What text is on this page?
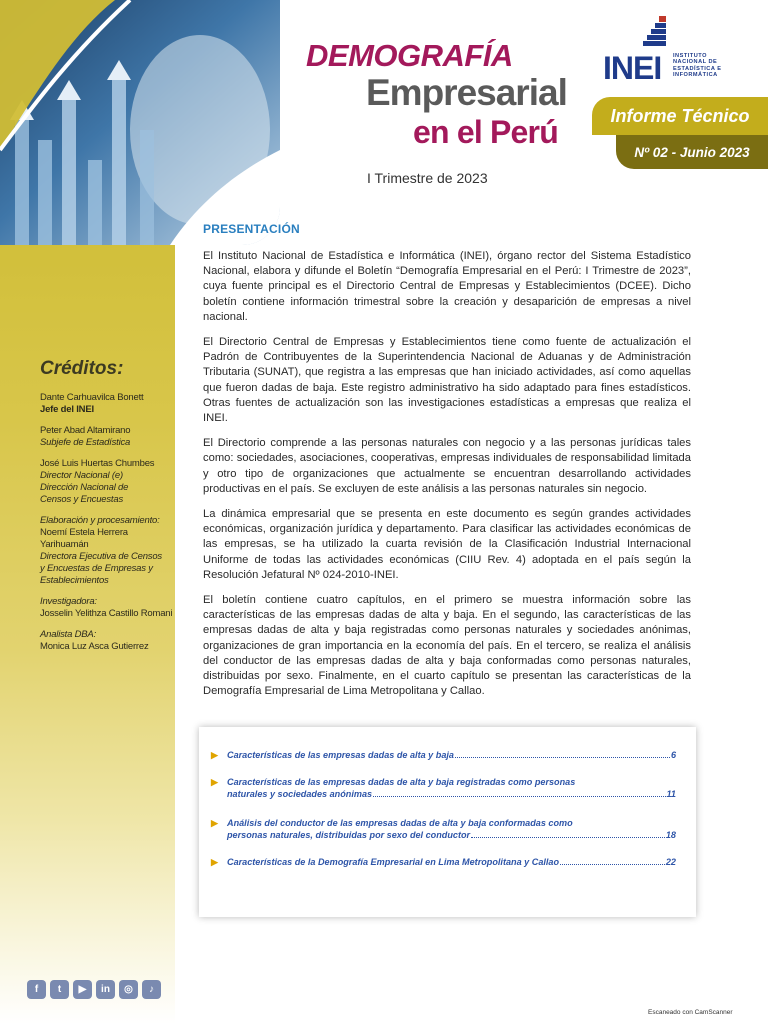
Créditos:
Dante Carhuavilca Bonett
Jefe del INEI
Peter Abad Altamirano
Subjefe de Estadística
José Luis Huertas Chumbes
Director Nacional (e)
Dirección Nacional de
Censos y Encuestas
Elaboración y procesamiento:
Noemí Estela Herrera
Yarihuamán
Directora Ejecutiva de Censos
y Encuestas de Empresas y
Establecimientos
Investigadora:
Josselin Yelithza Castillo Romani
Analista DBA:
Monica Luz Asca Gutierrez
f	t	▶	in	◎	♪
DEMOGRAFÍA
Empresarial
en el Perú
I Trimestre de 2023
INEI INSTITUTO
NACIONAL DE
ESTADÍSTICA E
INFORMÁTICA
Informe Técnico
Nº 02 - Junio 2023
PRESENTACIÓN

El Instituto Nacional de Estadística e Informática (INEI), órgano rector del Sistema Estadístico Nacional, elabora y difunde el Boletín “Demografía Empresarial en el Perú: I Trimestre de 2023”, cuya fuente principal es el Directorio Central de Empresas y Establecimientos (DCEE). Dicho boletín contiene información trimestral sobre la creación y desaparición de empresas a nivel nacional.

El Directorio Central de Empresas y Establecimientos tiene como fuente de actualización el Padrón de Contribuyentes de la Superintendencia Nacional de Aduanas y de Administración Tributaria (SUNAT), que registra a las empresas que han iniciado actividades, así como aquellas que fueron dadas de baja. Este registro administrativo ha sido adaptado para fines estadísticos. Otras fuentes de actualización son las investigaciones estadísticas a empresas que realiza el INEI.

El Directorio comprende a las personas naturales con negocio y a las personas jurídicas tales como: sociedades, asociaciones, cooperativas, empresas individuales de responsabilidad limitada y otro tipo de organizaciones que actualmente se encuentran desarrollando actividades productivas en el país. Se excluyen de este análisis a las personas naturales sin negocio.

La dinámica empresarial que se presenta en este documento es según grandes actividades económicas, organización jurídica y departamento. Para clasificar las actividades económicas de las empresas, se ha utilizado la cuarta revisión de la Clasificación Industrial Internacional Uniforme de todas las actividades económicas (CIIU Rev. 4) adoptada en el país según la Resolución Jefatural Nº 024-2010-INEI.

El boletín contiene cuatro capítulos, en el primero se muestra información sobre las características de las empresas dadas de alta y baja. En el segundo, las características de las empresas dadas de alta y baja registradas como personas naturales y sociedades anónimas, organizaciones de gran importancia en la economía del país. En el tercero, se realiza el análisis del conductor de las empresas dadas de alta y baja conformadas como personas naturales, distribuidas por sexo. Finalmente, en el cuarto capítulo se presentan las características de la Demografía Empresarial de Lima Metropolitana y Callao.

▶ Características de las empresas dadas de alta y baja	6
▶ Características de las empresas dadas de alta y baja registradas como personas
naturales y sociedades anónimas	11
▶ Análisis del conductor de las empresas dadas de alta y baja conformadas como
personas naturales, distribuidas por sexo del conductor	18
▶ Características de la Demografía Empresarial en Lima Metropolitana y Callao	22
Escaneado con CamScanner
